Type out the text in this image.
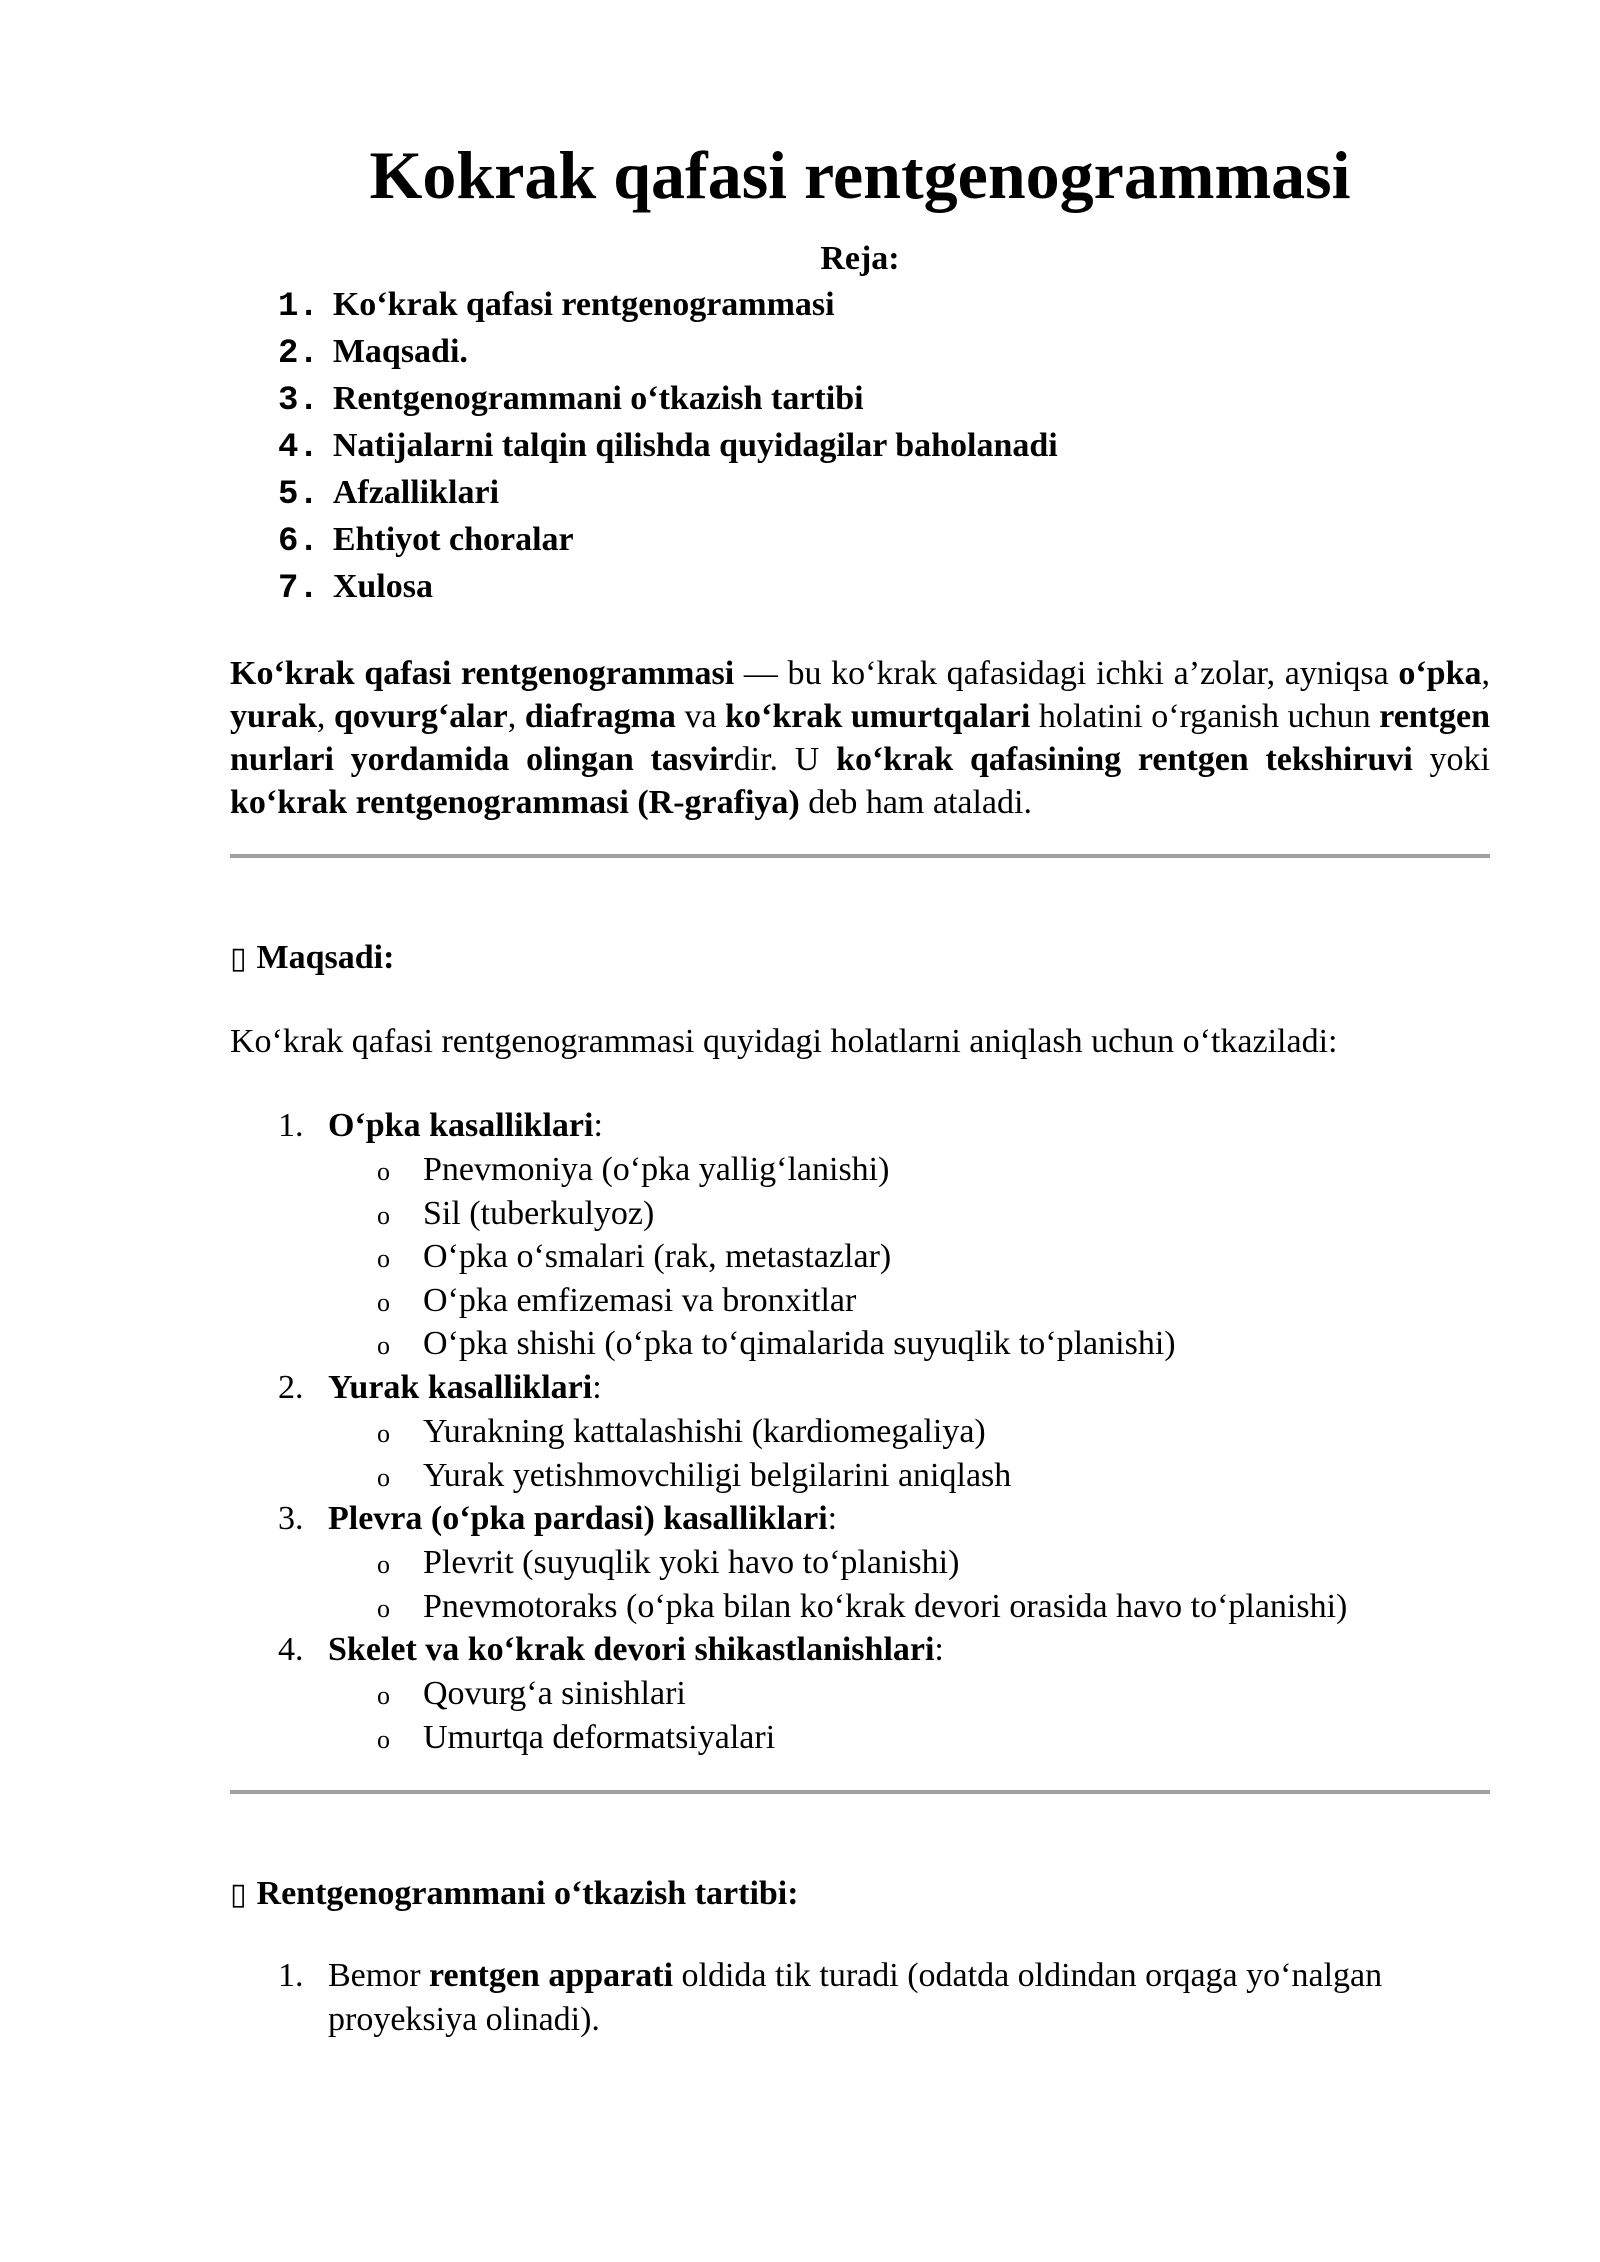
Kokrak qafasi rentgenogrammasi
Reja:
1. Ko‘krak qafasi rentgenogrammasi
2. Maqsadi.
3. Rentgenogrammani o‘tkazish tartibi
4. Natijalarni talqin qilishda quyidagilar baholanadi
5. Afzalliklari
6. Ehtiyot choralar
7. Xulosa

Ko‘krak qafasi rentgenogrammasi — bu ko‘krak qafasidagi ichki a’zolar, ayniqsa o‘pka, yurak, qovurg‘alar, diafragma va ko‘krak umurtqalari holatini o‘rganish uchun rentgen nurlari yordamida olingan tasvirdir. U ko‘krak qafasining rentgen tekshiruvi yoki ko‘krak rentgenogrammasi (R-grafiya) deb ham ataladi.

▯ Maqsadi:
Ko‘krak qafasi rentgenogrammasi quyidagi holatlarni aniqlash uchun o‘tkaziladi:
1. O‘pka kasalliklari:
o Pnevmoniya (o‘pka yallig‘lanishi)
o Sil (tuberkulyoz)
o O‘pka o‘smalari (rak, metastazlar)
o O‘pka emfizemasi va bronxitlar
o O‘pka shishi (o‘pka to‘qimalarida suyuqlik to‘planishi)
2. Yurak kasalliklari:
o Yurakning kattalashishi (kardiomegaliya)
o Yurak yetishmovchiligi belgilarini aniqlash
3. Plevra (o‘pka pardasi) kasalliklari:
o Plevrit (suyuqlik yoki havo to‘planishi)
o Pnevmotoraks (o‘pka bilan ko‘krak devori orasida havo to‘planishi)
4. Skelet va ko‘krak devori shikastlanishlari:
o Qovurg‘a sinishlari
o Umurtqa deformatsiyalari
▯ Rentgenogrammani o‘tkazish tartibi:
1. Bemor rentgen apparati oldida tik turadi (odatda oldindan orqaga yo‘nalgan proyeksiya olinadi).
